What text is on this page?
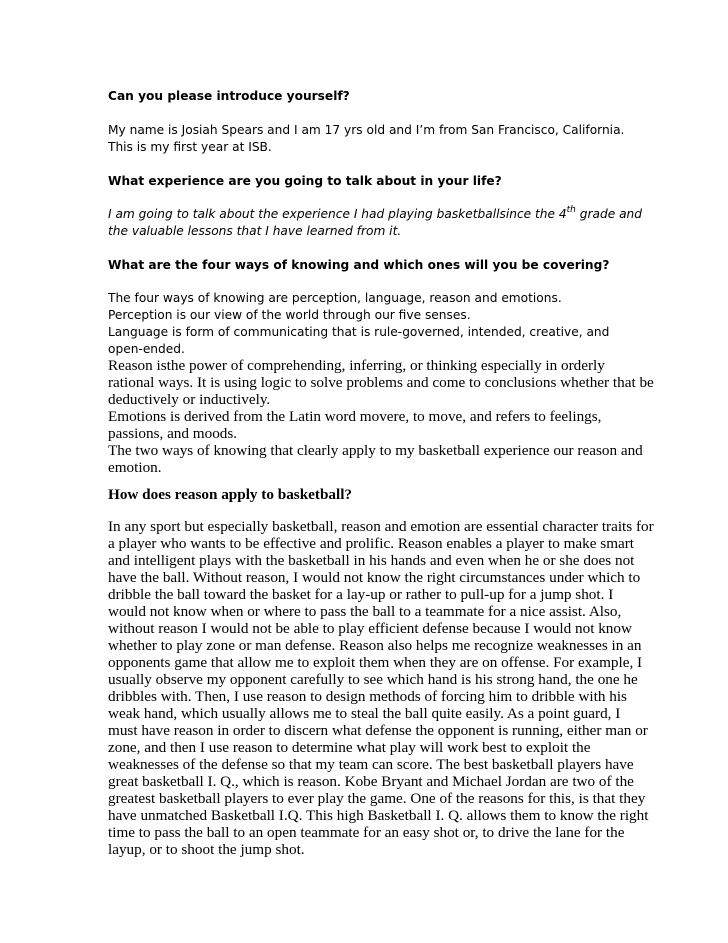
Can you please introduce yourself?
My name is Josiah Spears and I am 17 yrs old and I’m from San Francisco, California.
This is my first year at ISB.
What experience are you going to talk about in your life?
I am going to talk about the experience I had playing basketballsince the 4th grade and
the valuable lessons that I have learned from it.
What are the four ways of knowing and which ones will you be covering?
The four ways of knowing are perception, language, reason and emotions.
Perception is our view of the world through our five senses.
Language is form of communicating that is rule-governed, intended, creative, and
open-ended.
Reason isthe power of comprehending, inferring, or thinking especially in orderly
rational ways. It is using logic to solve problems and come to conclusions whether that be
deductively or inductively.
Emotions is derived from the Latin word movere, to move, and refers to feelings,
passions, and moods.
The two ways of knowing that clearly apply to my basketball experience our reason and
emotion.
How does reason apply to basketball?
In any sport but especially basketball, reason and emotion are essential character traits for
a player who wants to be effective and prolific. Reason enables a player to make smart
and intelligent plays with the basketball in his hands and even when he or she does not
have the ball. Without reason, I would not know the right circumstances under which to
dribble the ball toward the basket for a lay-up or rather to pull-up for a jump shot. I
would not know when or where to pass the ball to a teammate for a nice assist. Also,
without reason I would not be able to play efficient defense because I would not know
whether to play zone or man defense. Reason also helps me recognize weaknesses in an
opponents game that allow me to exploit them when they are on offense. For example, I
usually observe my opponent carefully to see which hand is his strong hand, the one he
dribbles with. Then, I use reason to design methods of forcing him to dribble with his
weak hand, which usually allows me to steal the ball quite easily. As a point guard, I
must have reason in order to discern what defense the opponent is running, either man or
zone, and then I use reason to determine what play will work best to exploit the
weaknesses of the defense so that my team can score. The best basketball players have
great basketball I. Q., which is reason. Kobe Bryant and Michael Jordan are two of the
greatest basketball players to ever play the game. One of the reasons for this, is that they
have unmatched Basketball I.Q. This high Basketball I. Q. allows them to know the right
time to pass the ball to an open teammate for an easy shot or, to drive the lane for the
layup, or to shoot the jump shot.
